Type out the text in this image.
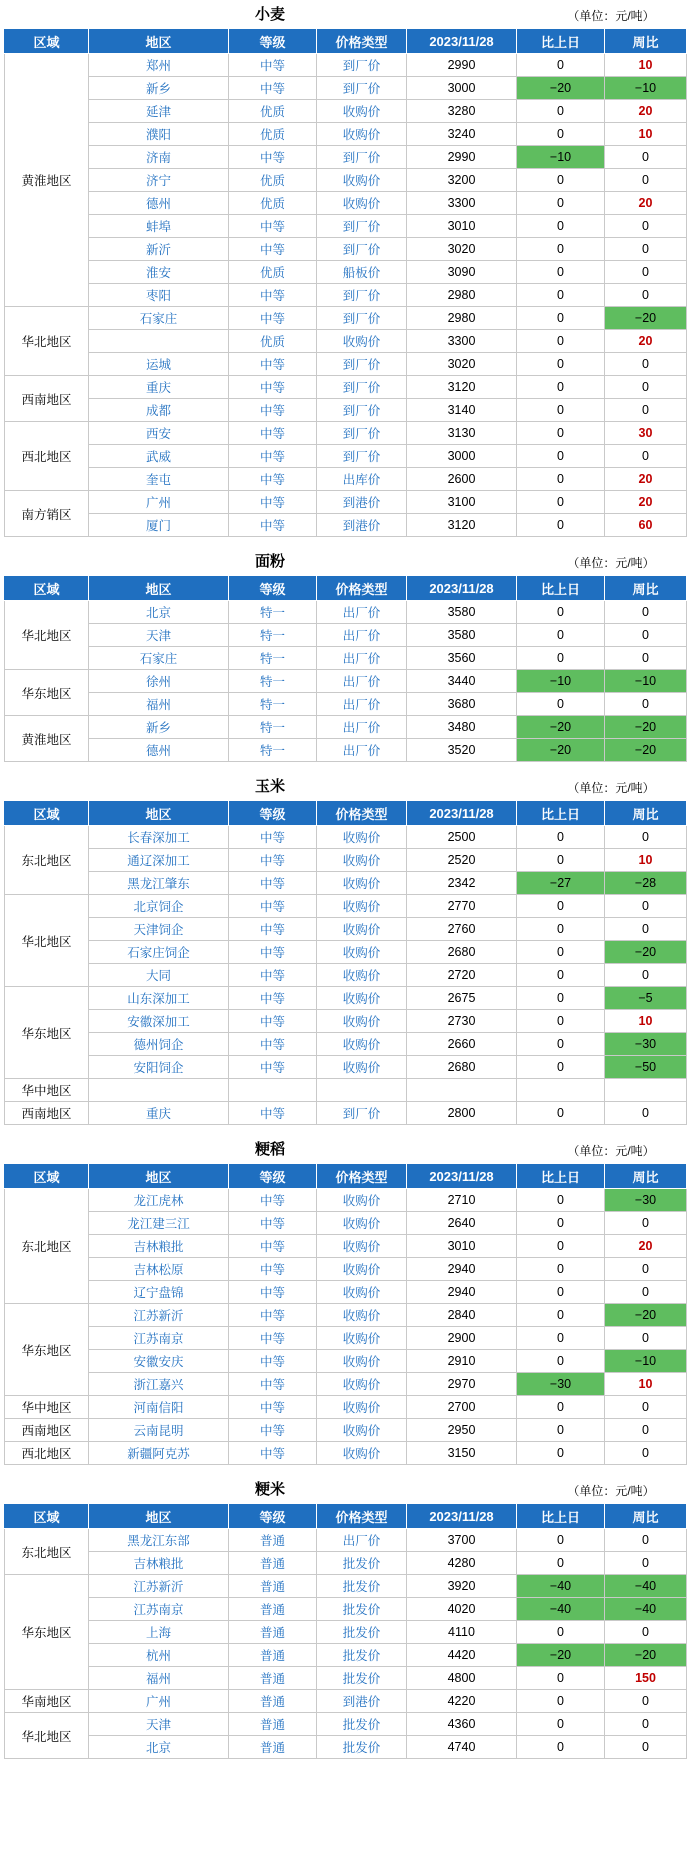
小麦	（单位：元/吨）
区域	地区	等级	价格类型	2023/11/28	比上日	周比
黄淮地区	郑州	中等	到厂价	2990	0	10
	新乡	中等	到厂价	3000	−20	−10
	延津	优质	收购价	3280	0	20
	濮阳	优质	收购价	3240	0	10
	济南	中等	到厂价	2990	−10	0
	济宁	优质	收购价	3200	0	0
	德州	优质	收购价	3300	0	20
	蚌埠	中等	到厂价	3010	0	0
	新沂	中等	到厂价	3020	0	0
	淮安	优质	船板价	3090	0	0
	枣阳	中等	到厂价	2980	0	0
华北地区	石家庄	中等	到厂价	2980	0	−20
		优质	收购价	3300	0	20
	运城	中等	到厂价	3020	0	0
西南地区	重庆	中等	到厂价	3120	0	0
	成都	中等	到厂价	3140	0	0
西北地区	西安	中等	到厂价	3130	0	30
	武威	中等	到厂价	3000	0	0
	奎屯	中等	出库价	2600	0	20
南方销区	广州	中等	到港价	3100	0	20
	厦门	中等	到港价	3120	0	60
面粉	（单位：元/吨）
区域	地区	等级	价格类型	2023/11/28	比上日	周比
华北地区	北京	特一	出厂价	3580	0	0
	天津	特一	出厂价	3580	0	0
	石家庄	特一	出厂价	3560	0	0
华东地区	徐州	特一	出厂价	3440	−10	−10
	福州	特一	出厂价	3680	0	0
黄淮地区	新乡	特一	出厂价	3480	−20	−20
	德州	特一	出厂价	3520	−20	−20
玉米	（单位：元/吨）
区域	地区	等级	价格类型	2023/11/28	比上日	周比
东北地区	长春深加工	中等	收购价	2500	0	0
	通辽深加工	中等	收购价	2520	0	10
	黑龙江肇东	中等	收购价	2342	−27	−28
华北地区	北京饲企	中等	收购价	2770	0	0
	天津饲企	中等	收购价	2760	0	0
	石家庄饲企	中等	收购价	2680	0	−20
	大同	中等	收购价	2720	0	0
华东地区	山东深加工	中等	收购价	2675	0	−5
	安徽深加工	中等	收购价	2730	0	10
	德州饲企	中等	收购价	2660	0	−30
	安阳饲企	中等	收购价	2680	0	−50
华中地区						
西南地区	重庆	中等	到厂价	2800	0	0
粳稻	（单位：元/吨）
区域	地区	等级	价格类型	2023/11/28	比上日	周比
东北地区	龙江虎林	中等	收购价	2710	0	−30
	龙江建三江	中等	收购价	2640	0	0
	吉林粮批	中等	收购价	3010	0	20
	吉林松原	中等	收购价	2940	0	0
	辽宁盘锦	中等	收购价	2940	0	0
华东地区	江苏新沂	中等	收购价	2840	0	−20
	江苏南京	中等	收购价	2900	0	0
	安徽安庆	中等	收购价	2910	0	−10
	浙江嘉兴	中等	收购价	2970	−30	10
华中地区	河南信阳	中等	收购价	2700	0	0
西南地区	云南昆明	中等	收购价	2950	0	0
西北地区	新疆阿克苏	中等	收购价	3150	0	0
粳米	（单位：元/吨）
区域	地区	等级	价格类型	2023/11/28	比上日	周比
东北地区	黑龙江东部	普通	出厂价	3700	0	0
	吉林粮批	普通	批发价	4280	0	0
华东地区	江苏新沂	普通	批发价	3920	−40	−40
	江苏南京	普通	批发价	4020	−40	−40
	上海	普通	批发价	4110	0	0
	杭州	普通	批发价	4420	−20	−20
	福州	普通	批发价	4800	0	150
华南地区	广州	普通	到港价	4220	0	0
华北地区	天津	普通	批发价	4360	0	0
	北京	普通	批发价	4740	0	0
